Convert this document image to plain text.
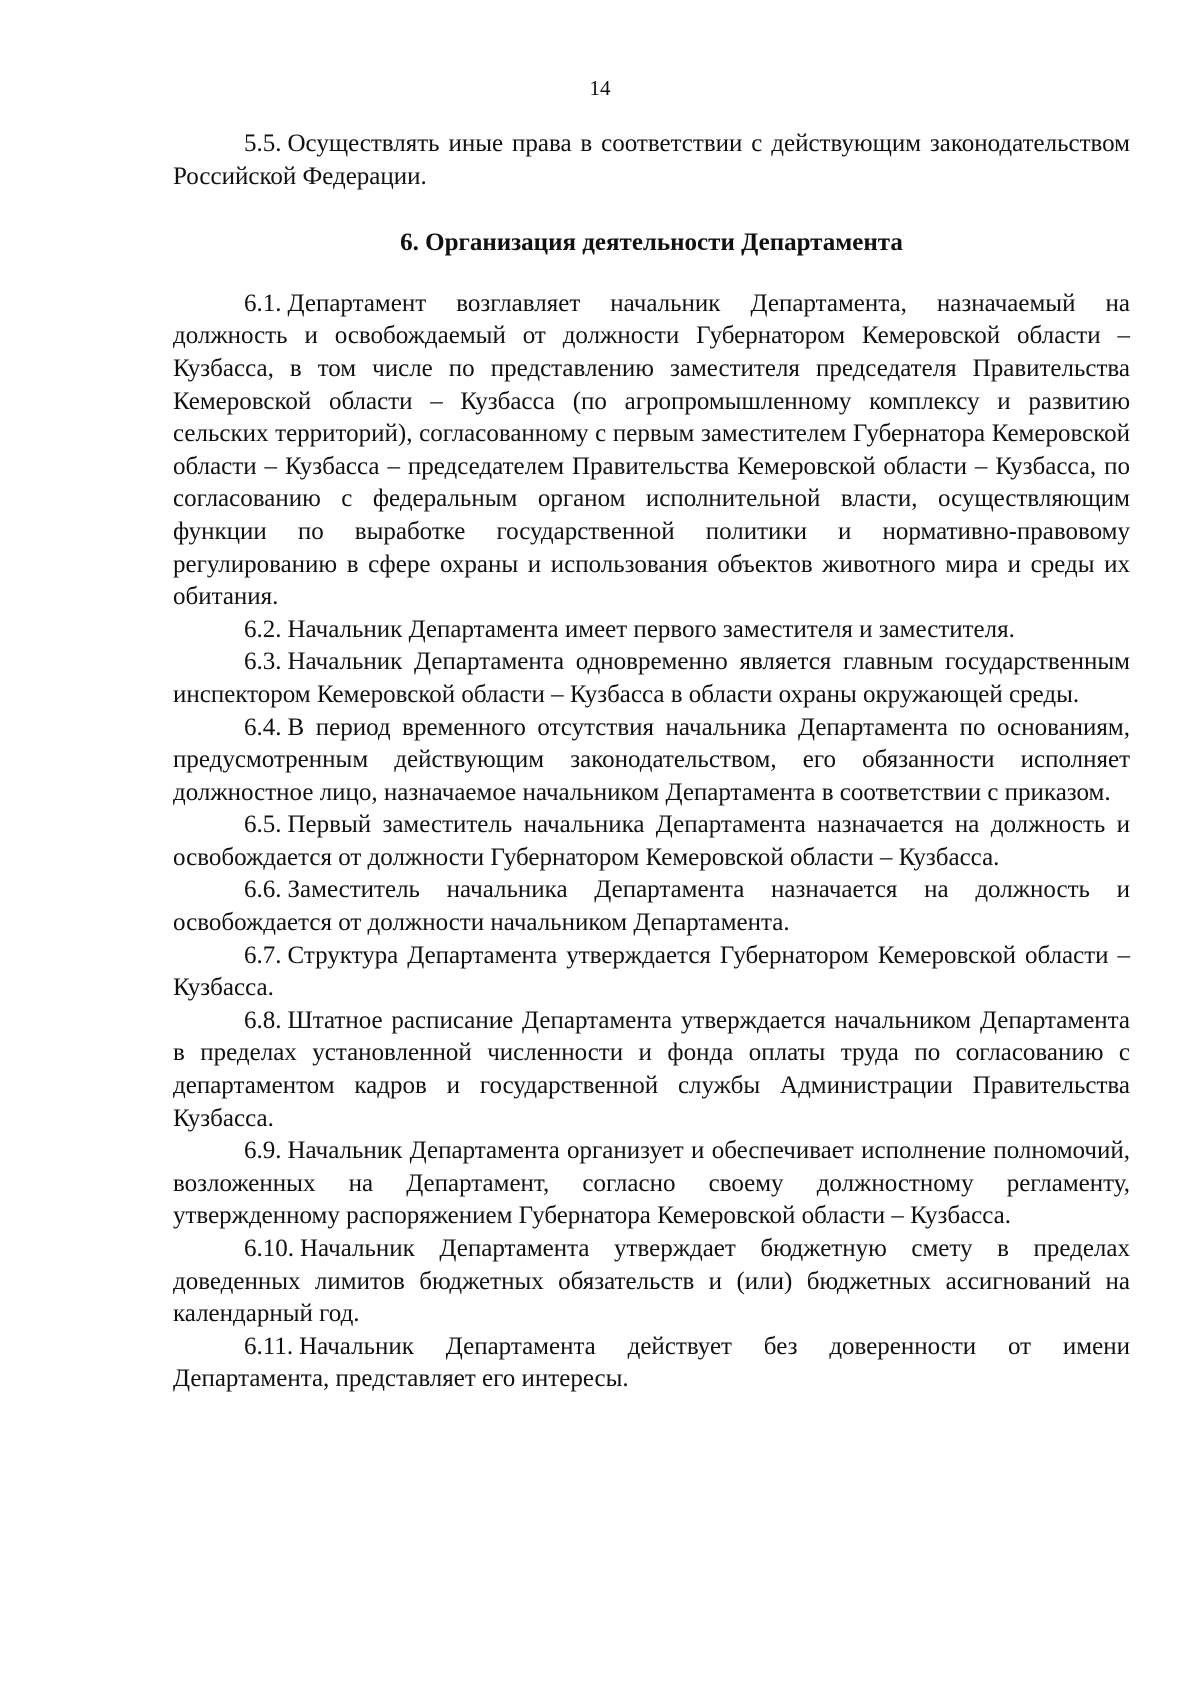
14

5.5. Осуществлять иные права в соответствии с действующим законодательством Российской Федерации.

6. Организация деятельности Департамента

6.1. Департамент возглавляет начальник Департамента, назначаемый на должность и освобождаемый от должности Губернатором Кемеровской области – Кузбасса, в том числе по представлению заместителя председателя Правительства Кемеровской области – Кузбасса (по агропромышленному комплексу и развитию сельских территорий), согласованному с первым заместителем Губернатора Кемеровской области – Кузбасса – председателем Правительства Кемеровской области – Кузбасса, по согласованию с федеральным органом исполнительной власти, осуществляющим функции по выработке государственной политики и нормативно-правовому регулированию в сфере охраны и использования объектов животного мира и среды их обитания.

6.2. Начальник Департамента имеет первого заместителя и заместителя.

6.3. Начальник Департамента одновременно является главным государственным инспектором Кемеровской области – Кузбасса в области охраны окружающей среды.

6.4. В период временного отсутствия начальника Департамента по основаниям, предусмотренным действующим законодательством, его обязанности исполняет должностное лицо, назначаемое начальником Департамента в соответствии с приказом.

6.5. Первый заместитель начальника Департамента назначается на должность и освобождается от должности Губернатором Кемеровской области – Кузбасса.

6.6. Заместитель начальника Департамента назначается на должность и освобождается от должности начальником Департамента.

6.7. Структура Департамента утверждается Губернатором Кемеровской области – Кузбасса.

6.8. Штатное расписание Департамента утверждается начальником Департамента в пределах установленной численности и фонда оплаты труда по согласованию с департаментом кадров и государственной службы Администрации Правительства Кузбасса.

6.9. Начальник Департамента организует и обеспечивает исполнение полномочий, возложенных на Департамент, согласно своему должностному регламенту, утвержденному распоряжением Губернатора Кемеровской области – Кузбасса.

6.10. Начальник Департамента утверждает бюджетную смету в пределах доведенных лимитов бюджетных обязательств и (или) бюджетных ассигнований на календарный год.

6.11. Начальник Департамента действует без доверенности от имени Департамента, представляет его интересы.
